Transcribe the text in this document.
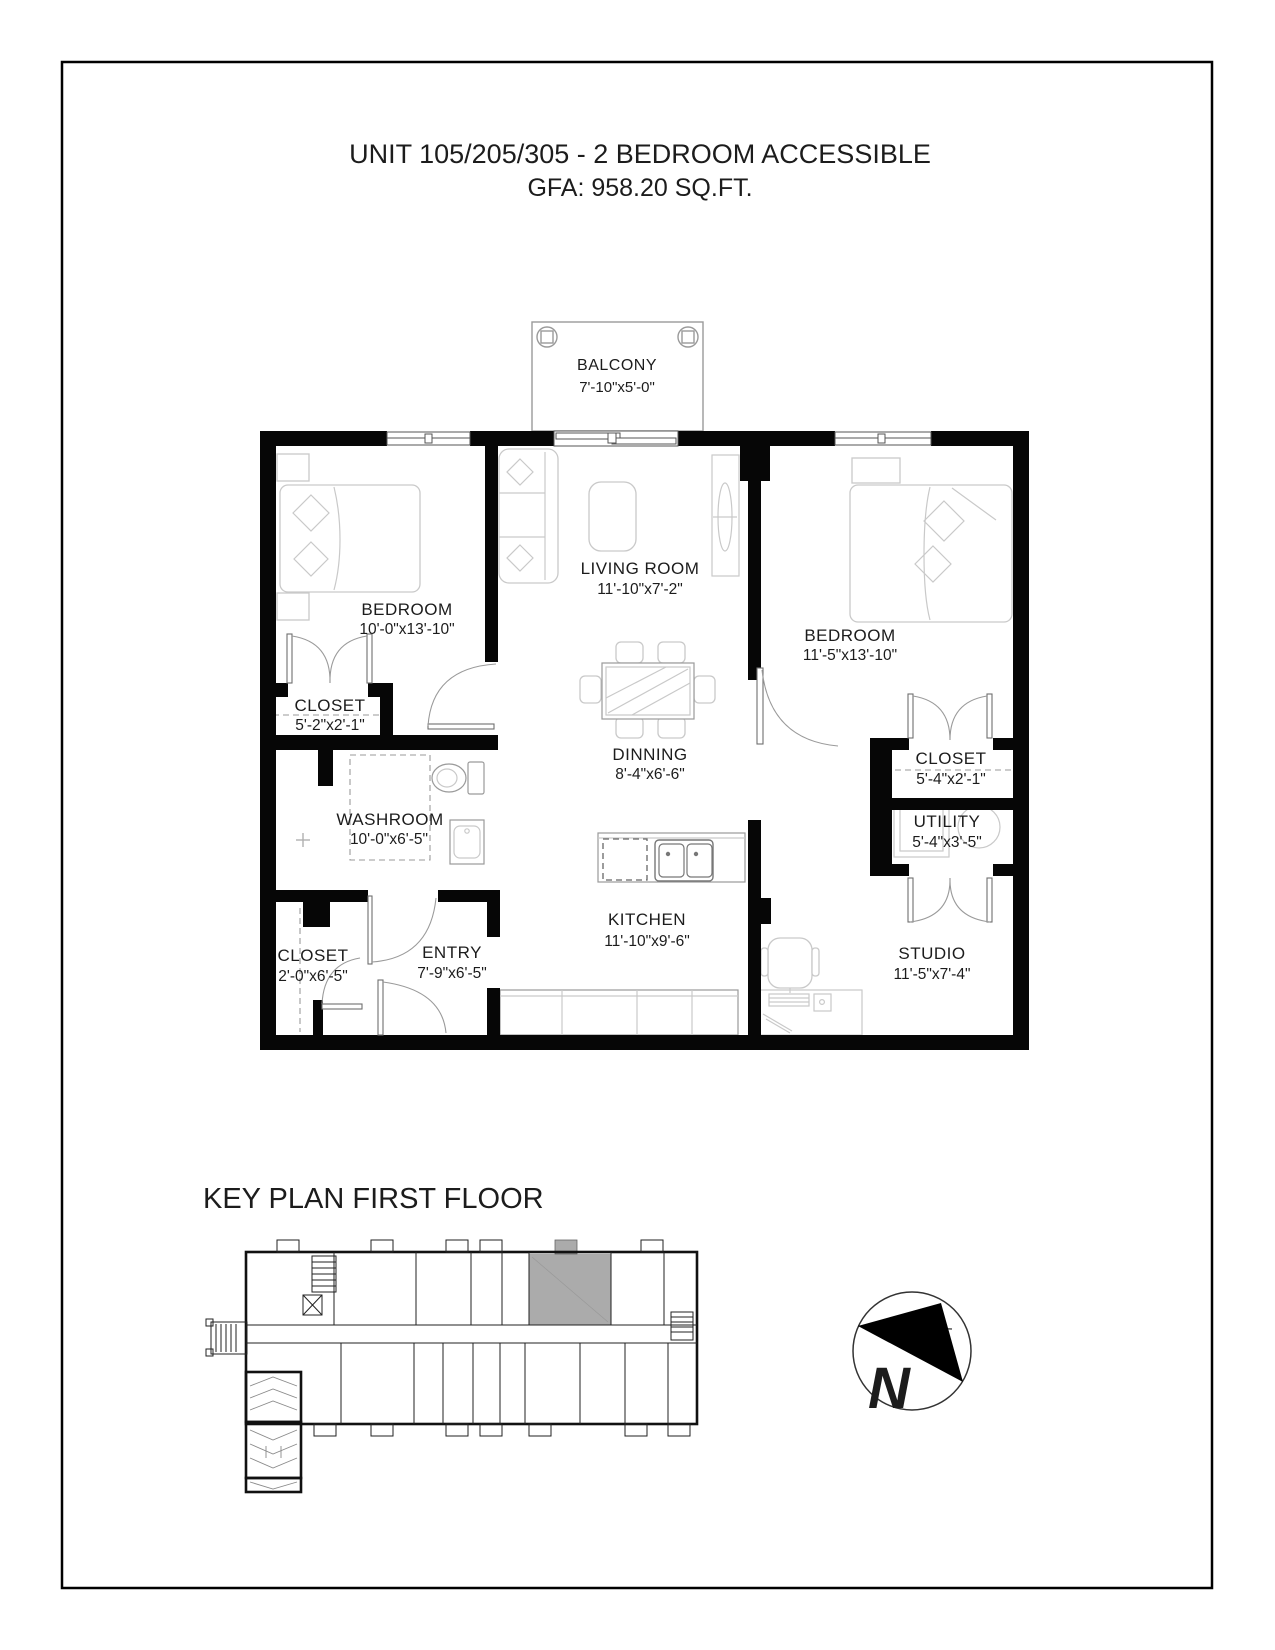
UNIT 105/205/305 - 2 BEDROOM ACCESSIBLE
GFA: 958.20 SQ.FT.
BALCONY
7'-10"x5'-0"
BEDROOM
10'-0"x13'-10"
LIVING ROOM
11'-10"x7'-2"
BEDROOM
11'-5"x13'-10"
CLOSET
5'-2"x2'-1"
DINNING
8'-4"x6'-6"
CLOSET
5'-4"x2'-1"
WASHROOM
10'-0"x6'-5"
UTILITY
5'-4"x3'-5"
KITCHEN
11'-10"x9'-6"
ENTRY
7'-9"x6'-5"
CLOSET
2'-0"x6'-5"
STUDIO
11'-5"x7'-4"
KEY PLAN FIRST FLOOR
N
